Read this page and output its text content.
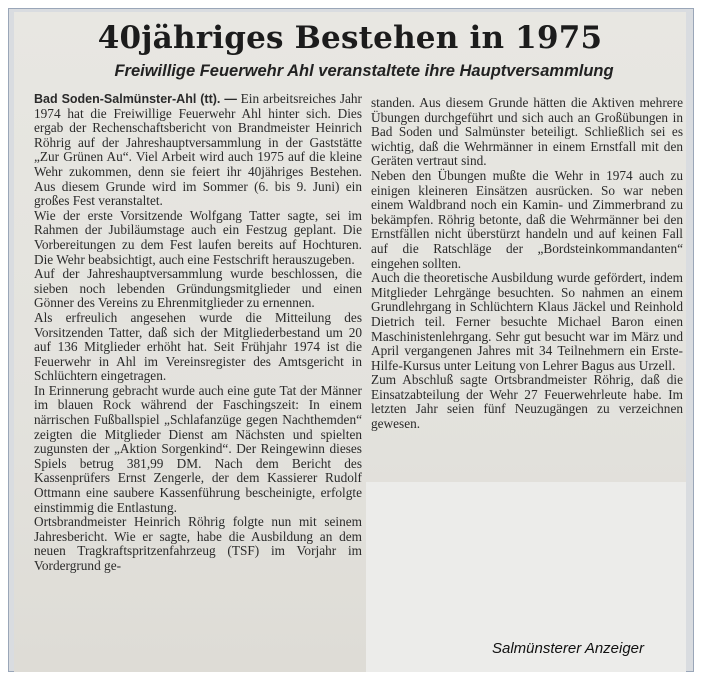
40jähriges Bestehen in 1975
Freiwillige Feuerwehr Ahl veranstaltete ihre Hauptversammlung

Bad Soden-Salmünster-Ahl (tt). — Ein arbeitsreiches Jahr 1974 hat die Freiwillige Feuerwehr Ahl hinter sich. Dies ergab der Rechenschaftsbericht von Brandmeister Heinrich Röhrig auf der Jahreshauptversammlung in der Gaststätte „Zur Grünen Au“. Viel Arbeit wird auch 1975 auf die kleine Wehr zukommen, denn sie feiert ihr 40jähriges Bestehen. Aus diesem Grunde wird im Sommer (6. bis 9. Juni) ein großes Fest veranstaltet.

Wie der erste Vorsitzende Wolfgang Tatter sagte, sei im Rahmen der Jubiläumstage auch ein Festzug geplant. Die Vorbereitungen zu dem Fest laufen bereits auf Hochturen. Die Wehr beabsichtigt, auch eine Festschrift herauszugeben.

Auf der Jahreshauptversammlung wurde beschlossen, die sieben noch lebenden Gründungsmitglieder und einen Gönner des Vereins zu Ehrenmitglieder zu ernennen.

Als erfreulich angesehen wurde die Mitteilung des Vorsitzenden Tatter, daß sich der Mitgliederbestand um 20 auf 136 Mitglieder erhöht hat. Seit Frühjahr 1974 ist die Feuerwehr in Ahl im Vereinsregister des Amtsgericht in Schlüchtern eingetragen.

In Erinnerung gebracht wurde auch eine gute Tat der Männer im blauen Rock während der Faschingszeit: In einem närrischen Fußballspiel „Schlafanzüge gegen Nachthemden“ zeigten die Mitglieder Dienst am Nächsten und spielten zugunsten der „Aktion Sorgenkind“. Der Reingewinn dieses Spiels betrug 381,99 DM. Nach dem Bericht des Kassenprüfers Ernst Zengerle, der dem Kassierer Rudolf Ottmann eine saubere Kassenführung bescheinigte, erfolgte einstimmig die Entlastung.

Ortsbrandmeister Heinrich Röhrig folgte nun mit seinem Jahresbericht. Wie er sagte, habe die Ausbildung an dem neuen Tragkraftspritzenfahrzeug (TSF) im Vorjahr im Vordergrund ge-

standen. Aus diesem Grunde hätten die Aktiven mehrere Übungen durchgeführt und sich auch an Großübungen in Bad Soden und Salmünster beteiligt. Schließlich sei es wichtig, daß die Wehrmänner in einem Ernstfall mit den Geräten vertraut sind.

Neben den Übungen mußte die Wehr in 1974 auch zu einigen kleineren Einsätzen ausrücken. So war neben einem Waldbrand noch ein Kamin- und Zimmerbrand zu bekämpfen. Röhrig betonte, daß die Wehrmänner bei den Ernstfällen nicht überstürzt handeln und auf keinen Fall auf die Ratschläge der „Bordsteinkommandanten“ eingehen sollten.

Auch die theoretische Ausbildung wurde gefördert, indem Mitglieder Lehrgänge besuchten. So nahmen an einem Grundlehrgang in Schlüchtern Klaus Jäckel und Reinhold Dietrich teil. Ferner besuchte Michael Baron einen Maschinistenlehrgang. Sehr gut besucht war im März und April vergangenen Jahres mit 34 Teilnehmern ein Erste-Hilfe-Kursus unter Leitung von Lehrer Bagus aus Urzell.

Zum Abschluß sagte Ortsbrandmeister Röhrig, daß die Einsatzabteilung der Wehr 27 Feuerwehrleute habe. Im letzten Jahr seien fünf Neuzugängen zu verzeichnen gewesen.

Salmünsterer Anzeiger
